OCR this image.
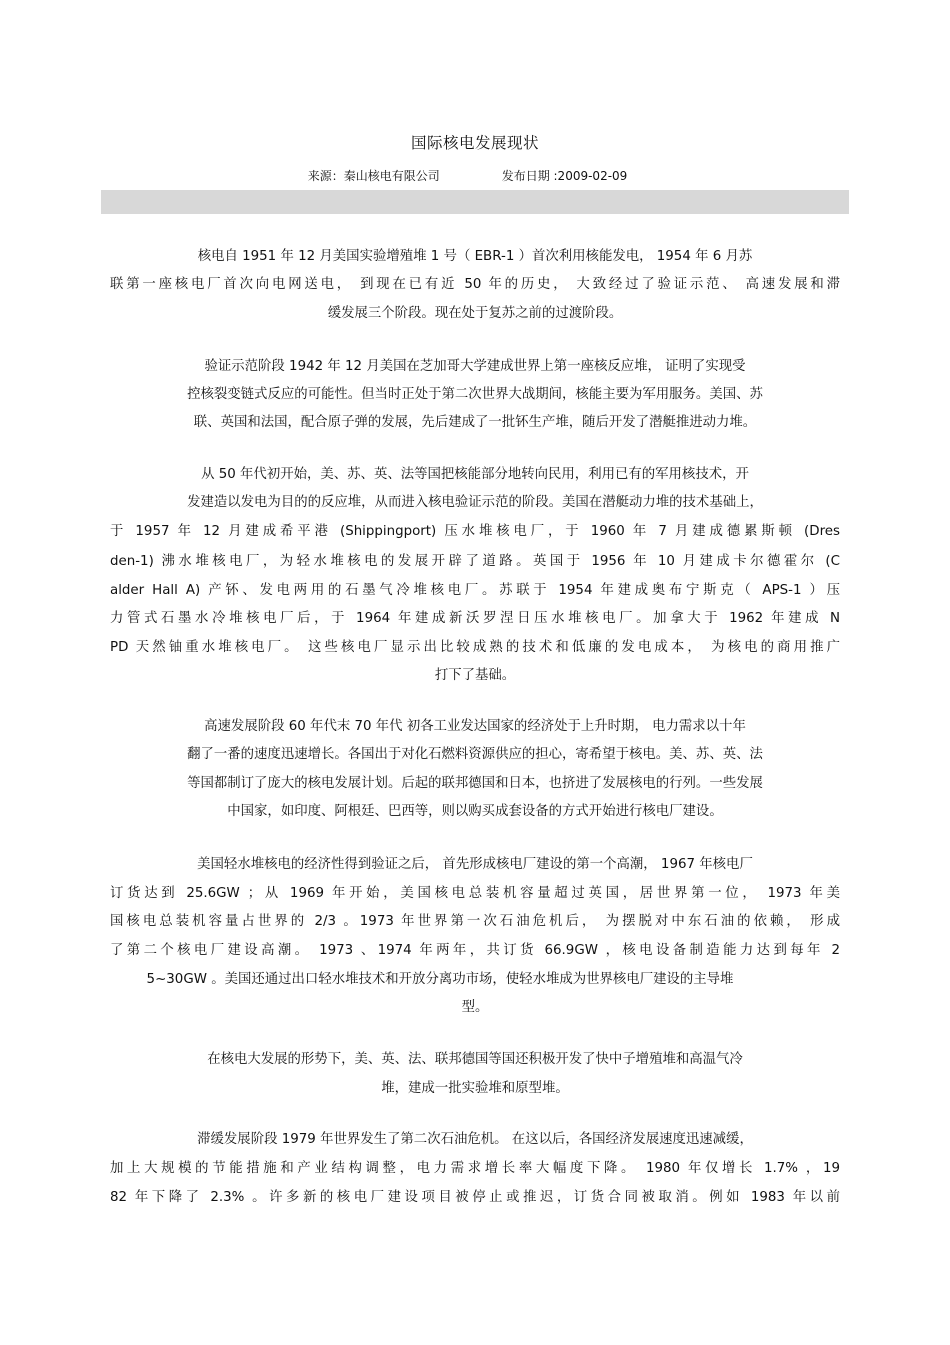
国际核电发展现状
来源：秦山核电有限公司	发布日期 :2009-02-09
核电自 1951 年 12 月美国实验增殖堆 1 号（ EBR-1 ）首次利用核能发电， 1954 年 6 月苏
联第一座核电厂首次向电网送电， 到现在已有近 50 年的历史， 大致经过了验证示范、 高速发展和滞
缓发展三个阶段。现在处于复苏之前的过渡阶段。
验证示范阶段 1942 年 12 月美国在芝加哥大学建成世界上第一座核反应堆， 证明了实现受
控核裂变链式反应的可能性。但当时正处于第二次世界大战期间，核能主要为军用服务。美国、苏
联、英国和法国，配合原子弹的发展，先后建成了一批钚生产堆，随后开发了潜艇推进动力堆。
从 50 年代初开始，美、苏、英、法等国把核能部分地转向民用，利用已有的军用核技术，开
发建造以发电为目的的反应堆，从而进入核电验证示范的阶段。美国在潜艇动力堆的技术基础上，
于 1957 年 12 月建成希平港 (Shippingport) 压水堆核电厂，于 1960 年 7 月建成德累斯顿 (Dres
den-1) 沸水堆核电厂，为轻水堆核电的发展开辟了道路。英国于 1956 年 10 月建成卡尔德霍尔 (C
alder Hall A) 产钚、发电两用的石墨气冷堆核电厂。苏联于 1954 年建成奥布宁斯克（ APS-1 ）压
力管式石墨水冷堆核电厂后，于 1964 年建成新沃罗涅日压水堆核电厂。加拿大于 1962 年建成 N
PD 天然铀重水堆核电厂。 这些核电厂显示出比较成熟的技术和低廉的发电成本， 为核电的商用推广
打下了基础。
高速发展阶段 60 年代末 70 年代 初各工业发达国家的经济处于上升时期， 电力需求以十年
翻了一番的速度迅速增长。各国出于对化石燃料资源供应的担心，寄希望于核电。美、苏、英、法
等国都制订了庞大的核电发展计划。后起的联邦德国和日本，也挤进了发展核电的行列。一些发展
中国家，如印度、阿根廷、巴西等，则以购买成套设备的方式开始进行核电厂建设。
美国轻水堆核电的经济性得到验证之后， 首先形成核电厂建设的第一个高潮， 1967 年核电厂
订货达到 25.6GW ；从 1969 年开始，美国核电总装机容量超过英国，居世界第一位， 1973 年美
国核电总装机容量占世界的 2/3 。1973 年世界第一次石油危机后， 为摆脱对中东石油的依赖， 形成
了第二个核电厂建设高潮。 1973 、1974 年两年，共订货 66.9GW ，核电设备制造能力达到每年 2
5~30GW 。美国还通过出口轻水堆技术和开放分离功市场，使轻水堆成为世界核电厂建设的主导堆
型。
在核电大发展的形势下，美、英、法、联邦德国等国还积极开发了快中子增殖堆和高温气冷
堆，建成一批实验堆和原型堆。
滞缓发展阶段 1979 年世界发生了第二次石油危机。 在这以后，各国经济发展速度迅速减缓，
加上大规模的节能措施和产业结构调整，电力需求增长率大幅度下降。 1980 年仅增长 1.7% ，19
82 年下降了 2.3% 。许多新的核电厂建设项目被停止或推迟，订货合同被取消。例如 1983 年以前
